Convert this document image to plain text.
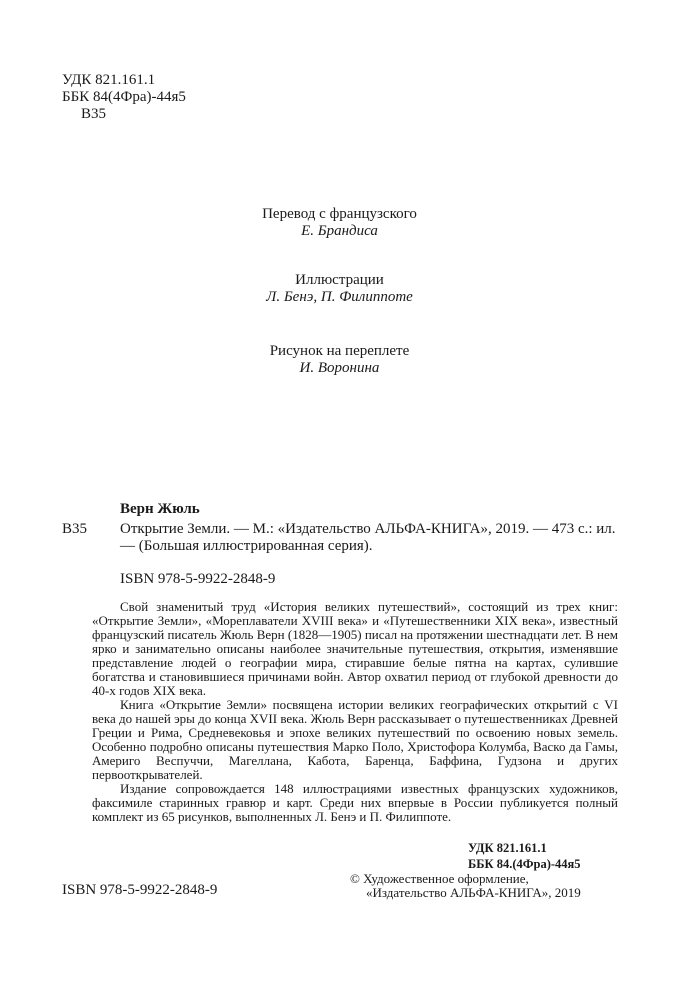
УДК 821.161.1
ББК 84(4Фра)-44я5
В35
Перевод с французского
Е. Брандиса
Иллюстрации
Л. Бенэ, П. Филиппоте
Рисунок на переплете
И. Воронина
Верн Жюль
В35 Открытие Земли. — М.: «Издательство АЛЬФА-КНИГА», 2019. — 473 с.: ил.— (Большая иллюстрированная серия).
ISBN 978-5-9922-2848-9

Свой знаменитый труд «История великих путешествий», состоящий из трех книг: «Открытие Земли», «Мореплаватели XVIII века» и «Путешественники XIX века», известный французский писатель Жюль Верн (1828—1905) писал на протяжении шестнадцати лет. В нем ярко и занимательно описаны наиболее значительные путешествия, открытия, изменявшие представление людей о географии мира, стиравшие белые пятна на картах, сулившие богатства и становившиеся причинами войн. Автор охватил период от глубокой древности до 40-х годов XIX века.

Книга «Открытие Земли» посвящена истории великих географических открытий с VI века до нашей эры до конца XVII века. Жюль Верн рассказывает о путешественниках Древней Греции и Рима, Средневековья и эпохе великих путешествий по освоению новых земель. Особенно подробно описаны путешествия Марко Поло, Христофора Колумба, Васко да Гамы, Америго Веспуччи, Магеллана, Кабота, Баренца, Баффина, Гудзона и других первооткрывателей.

Издание сопровождается 148 иллюстрациями известных французских художников, факсимиле старинных гравюр и карт. Среди них впервые в России публикуется полный комплект из 65 рисунков, выполненных Л. Бенэ и П. Филиппоте.

УДК 821.161.1
ББК 84.(4Фра)-44я5
ISBN 978-5-9922-2848-9
© Художественное оформление,
«Издательство АЛЬФА-КНИГА», 2019
